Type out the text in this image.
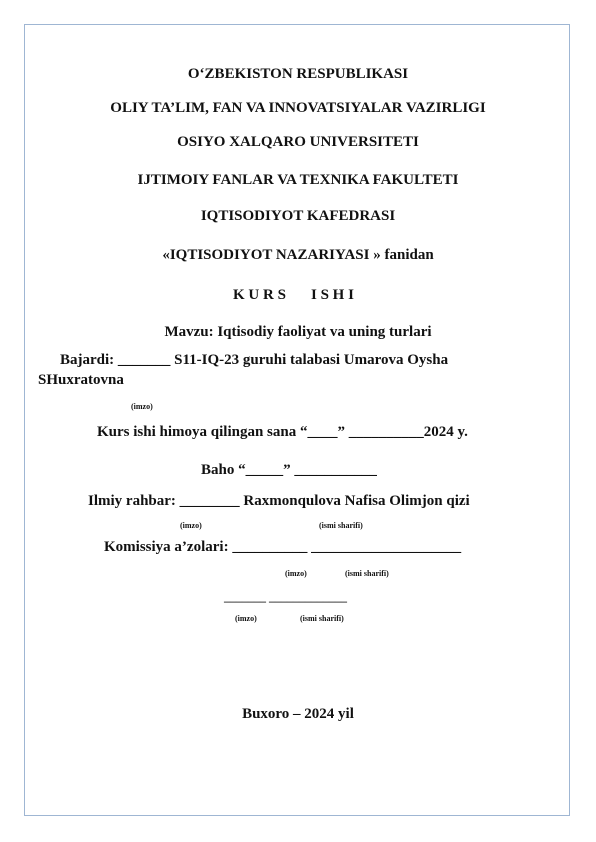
O‘ZBEKISTON RESPUBLIKASI
OLIY TA’LIM, FAN VA INNOVATSIYALAR VAZIRLIGI
OSIYO XALQARO UNIVERSITETI
IJTIMOIY FANLAR VA TEXNIKA FAKULTETI
IQTISODIYOT KAFEDRASI
«IQTISODIYOT NAZARIYASI » fanidan
K U R S I S H I
Mavzu: Iqtisodiy faoliyat va uning turlari
Bajardi: _______ S11-IQ-23 guruhi talabasi Umarova Oysha
SHuxratovna
(imzo)
Kurs ishi himoya qilingan sana “____” __________2024 y.
Baho “_____” ___________
Ilmiy rahbar: ________ Raxmonqulova Nafisa Olimjon qizi
(imzo)	(ismi sharifi)
Komissiya a’zolari: __________ ____________________
(imzo)	(ismi sharifi)
_______ _____________
(imzo)	(ismi sharifi)
Buxoro – 2024 yil
